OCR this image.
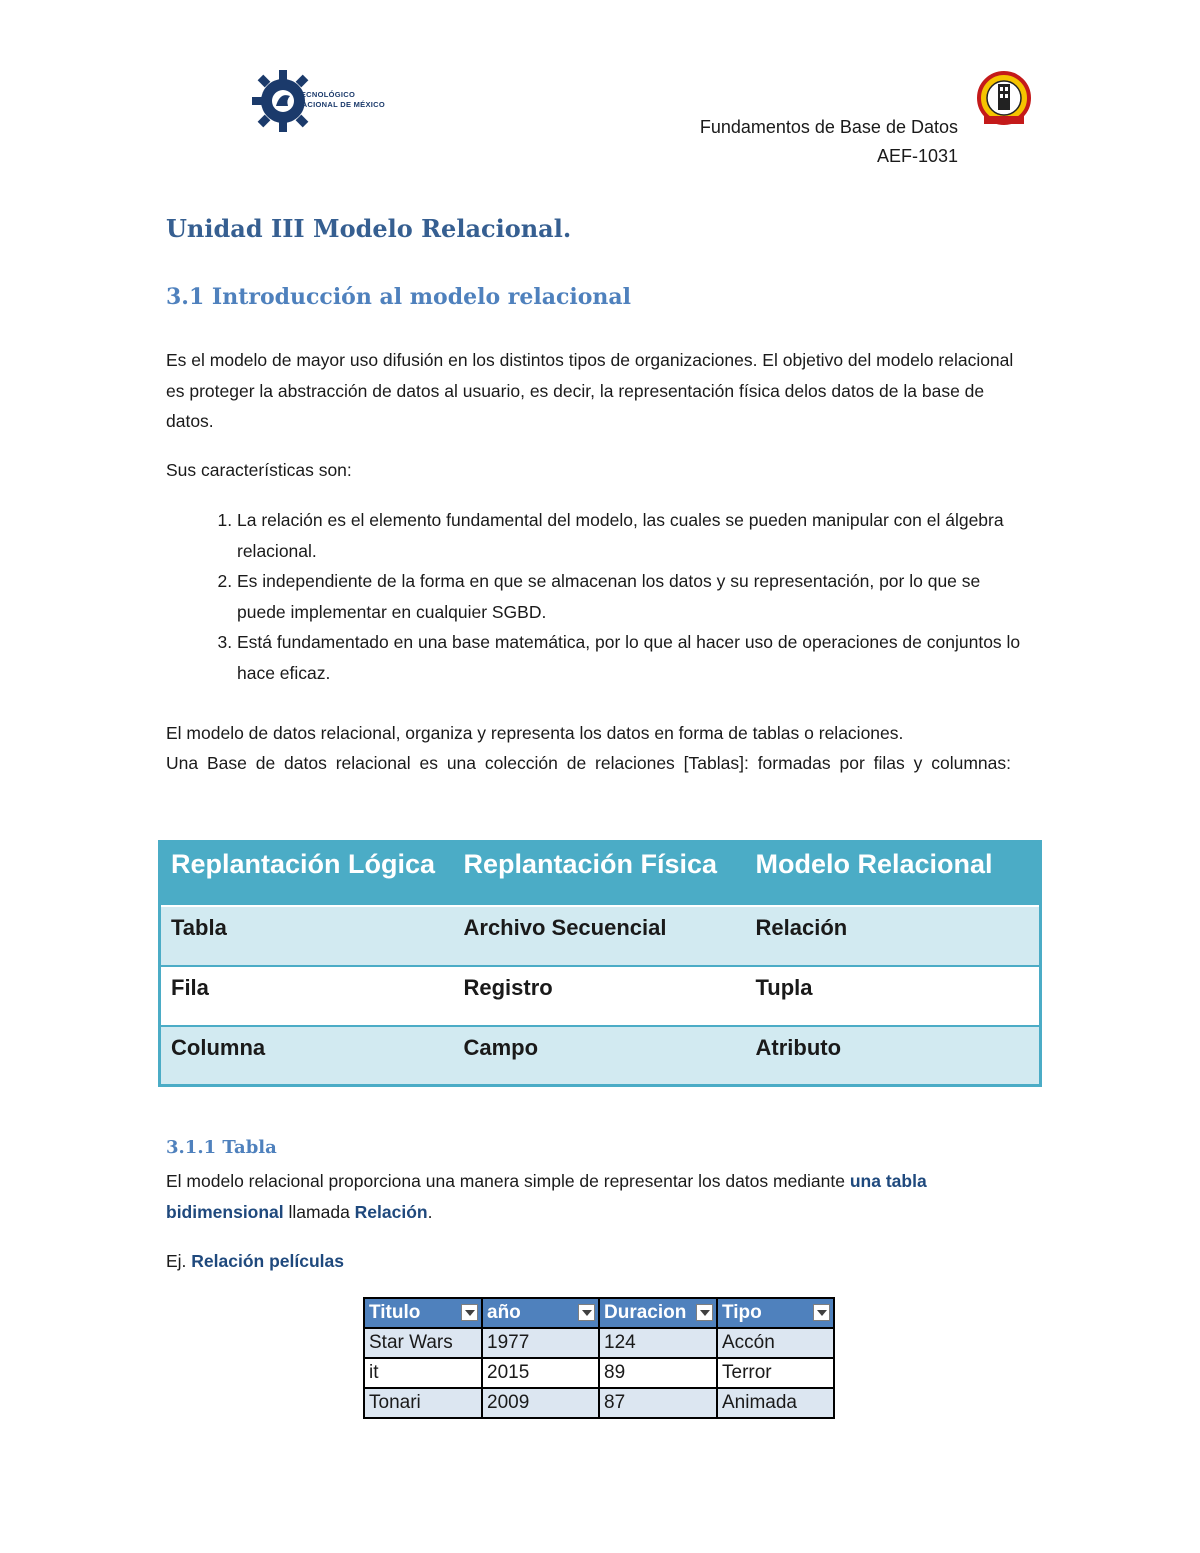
TECNOLÓGICO
NACIONAL DE MÉXICO
Fundamentos de Base de Datos
AEF-1031
Unidad III Modelo Relacional.
3.1 Introducción al modelo relacional

Es el modelo de mayor uso difusión en los distintos tipos de organizaciones. El objetivo del modelo relacional es proteger la abstracción de datos al usuario, es decir, la representación física delos datos de la base de datos.

Sus características son:

1. La relación es el elemento fundamental del modelo, las cuales se pueden manipular con el álgebra relacional.
2. Es independiente de la forma en que se almacenan los datos y su representación, por lo que se puede implementar en cualquier SGBD.
3. Está fundamentado en una base matemática, por lo que al hacer uso de operaciones de conjuntos lo hace eficaz.

El modelo de datos relacional, organiza y representa los datos en forma de tablas o relaciones.

Una Base de datos relacional es una colección de relaciones [Tablas]: formadas por filas y columnas:

Replantación Lógica	Replantación Física	Modelo Relacional
Tabla	Archivo Secuencial	Relación
Fila	Registro	Tupla
Columna	Campo	Atributo
3.1.1 Tabla

El modelo relacional proporciona una manera simple de representar los datos mediante una tabla bidimensional llamada Relación.

Ej. Relación películas

Titulo	año	Duracion	Tipo

Star Wars	1977	124	Accón
it	2015	89	Terror
Tonari	2009	87	Animada
